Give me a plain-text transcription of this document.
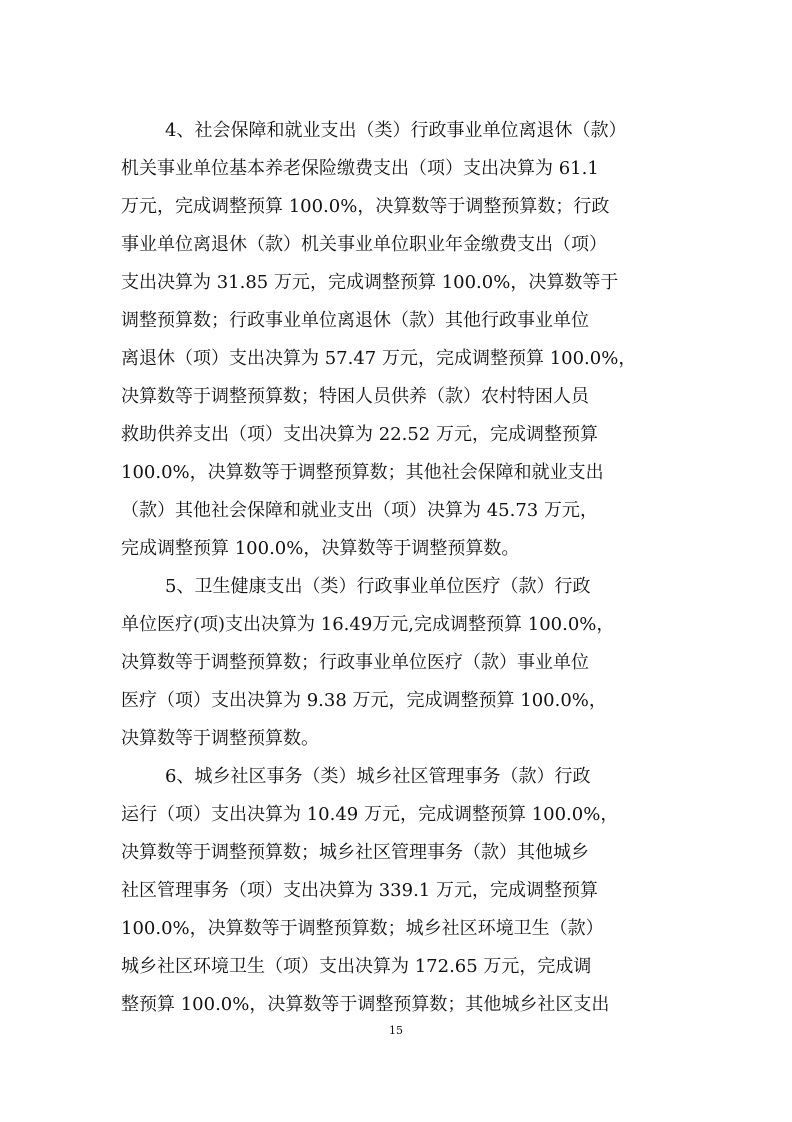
4、社会保障和就业支出（类）行政事业单位离退休（款）
机关事业单位基本养老保险缴费支出（项）支出决算为 61.1
万元，完成调整预算 100.0%，决算数等于调整预算数；行政
事业单位离退休（款）机关事业单位职业年金缴费支出（项）
支出决算为 31.85 万元，完成调整预算 100.0%，决算数等于
调整预算数；行政事业单位离退休（款）其他行政事业单位
离退休（项）支出决算为 57.47 万元，完成调整预算 100.0%，
决算数等于调整预算数；特困人员供养（款）农村特困人员
救助供养支出（项）支出决算为 22.52 万元，完成调整预算
100.0%，决算数等于调整预算数；其他社会保障和就业支出
（款）其他社会保障和就业支出（项）决算为 45.73 万元，
完成调整预算 100.0%，决算数等于调整预算数。
5、卫生健康支出（类）行政事业单位医疗（款）行政
单位医疗(项)支出决算为 16.49万元,完成调整预算 100.0%，
决算数等于调整预算数；行政事业单位医疗（款）事业单位
医疗（项）支出决算为 9.38 万元，完成调整预算 100.0%，
决算数等于调整预算数。
6、城乡社区事务（类）城乡社区管理事务（款）行政
运行（项）支出决算为 10.49 万元，完成调整预算 100.0%，
决算数等于调整预算数；城乡社区管理事务（款）其他城乡
社区管理事务（项）支出决算为 339.1 万元，完成调整预算
100.0%，决算数等于调整预算数；城乡社区环境卫生（款）
城乡社区环境卫生（项）支出决算为 172.65 万元，完成调
整预算 100.0%，决算数等于调整预算数；其他城乡社区支出
15
